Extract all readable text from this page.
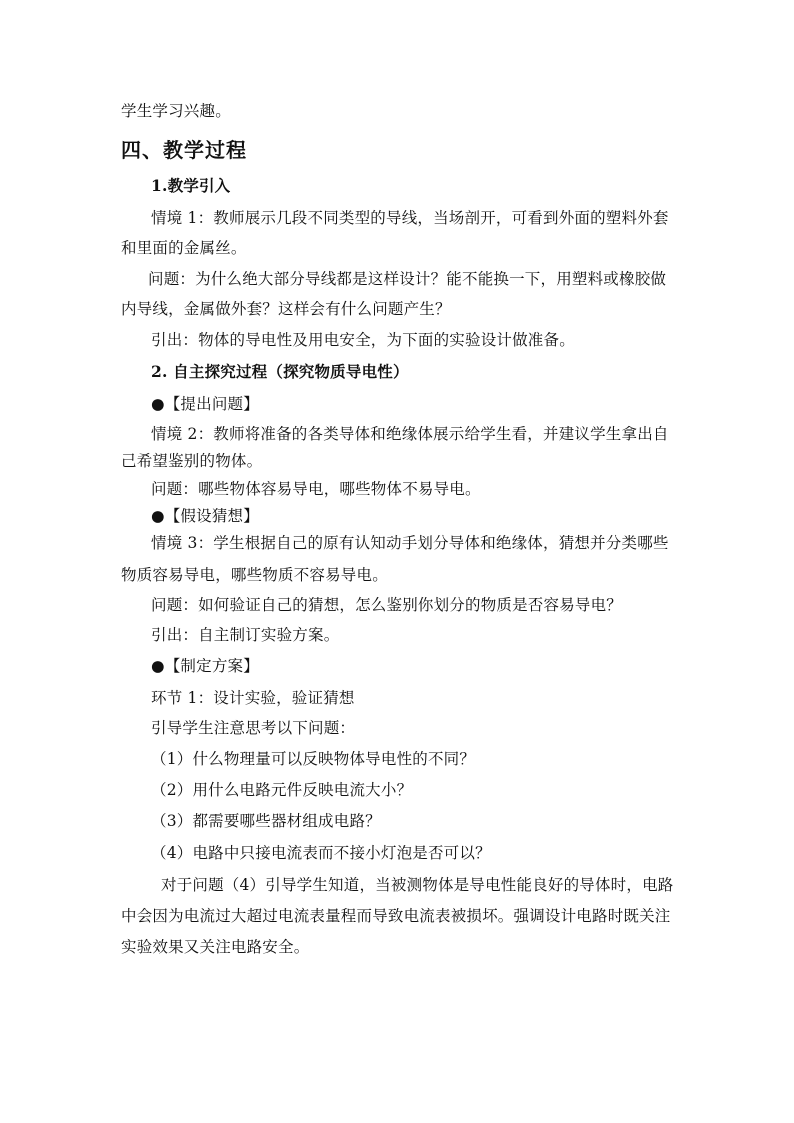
学生学习兴趣。
四、教学过程
1.教学引入
情境 1：教师展示几段不同类型的导线，当场剖开，可看到外面的塑料外套
和里面的金属丝。
问题：为什么绝大部分导线都是这样设计？能不能换一下，用塑料或橡胶做
内导线，金属做外套？这样会有什么问题产生？
引出：物体的导电性及用电安全，为下面的实验设计做准备。
2. 自主探究过程（探究物质导电性）
●【提出问题】
情境 2：教师将准备的各类导体和绝缘体展示给学生看，并建议学生拿出自
己希望鉴别的物体。
问题：哪些物体容易导电，哪些物体不易导电。
●【假设猜想】
情境 3：学生根据自己的原有认知动手划分导体和绝缘体，猜想并分类哪些
物质容易导电，哪些物质不容易导电。
问题：如何验证自己的猜想，怎么鉴别你划分的物质是否容易导电？
引出：自主制订实验方案。
●【制定方案】
环节 1：设计实验，验证猜想
引导学生注意思考以下问题：
（1）什么物理量可以反映物体导电性的不同？
（2）用什么电路元件反映电流大小？
（3）都需要哪些器材组成电路？
（4）电路中只接电流表而不接小灯泡是否可以？
对于问题（4）引导学生知道，当被测物体是导电性能良好的导体时，电路
中会因为电流过大超过电流表量程而导致电流表被损坏。强调设计电路时既关注
实验效果又关注电路安全。
